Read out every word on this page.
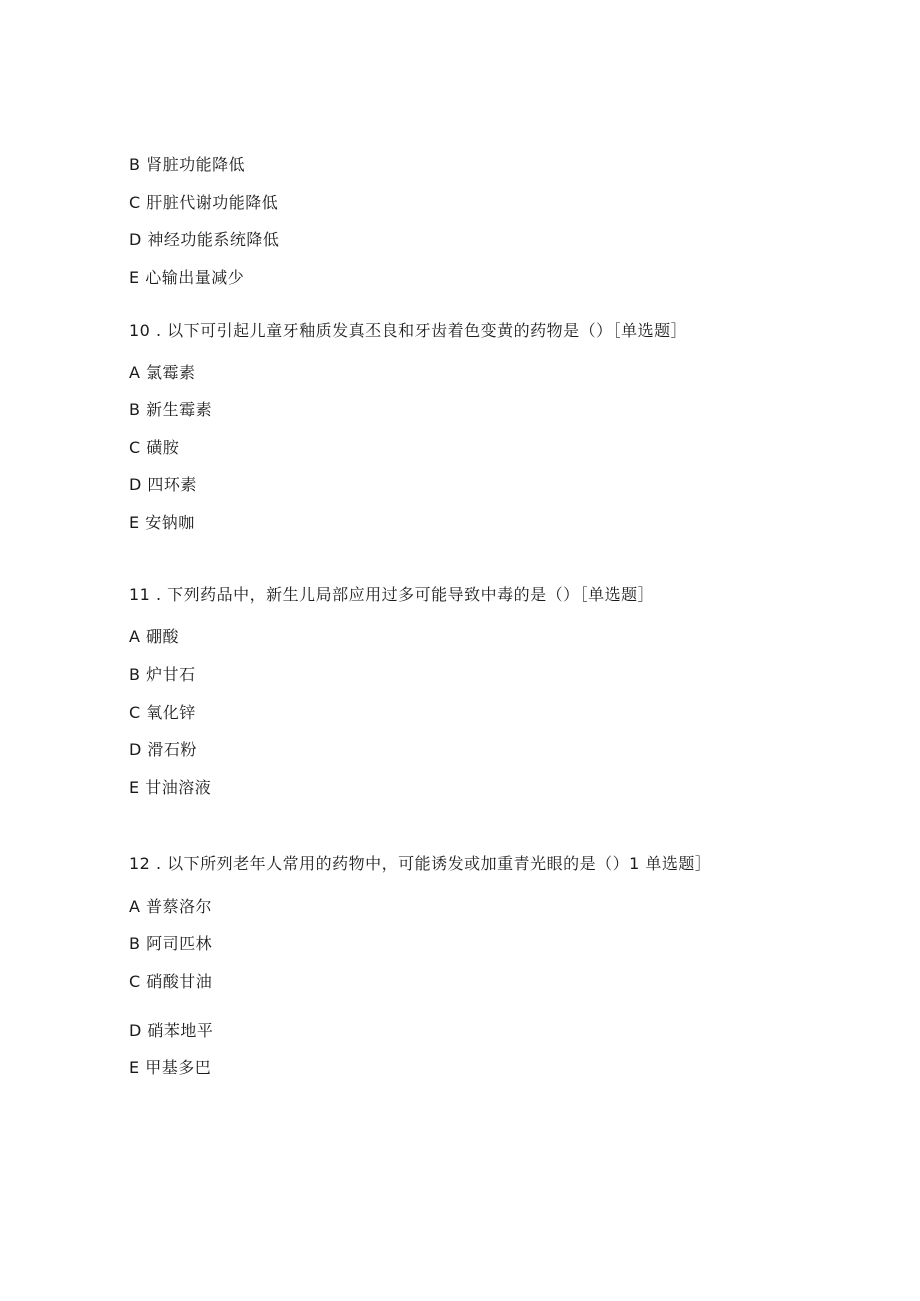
B 肾脏功能降低
C 肝脏代谢功能降低
D 神经功能系统降低
E 心输出量减少
10 . 以下可引起儿童牙釉质发真丕良和牙齿着色变黄的药物是（）［单选题］
A 氯霉素
B 新生霉素
C 磺胺
D 四环素
E 安钠咖
11 . 下列药品中，新生儿局部应用过多可能导致中毒的是（）［单选题］
A 硼酸
B 炉甘石
C 氧化锌
D 滑石粉
E 甘油溶液
12 . 以下所列老年人常用的药物中，可能诱发或加重青光眼的是（）1 单选题］
A 普蔡洛尔
B 阿司匹林
C 硝酸甘油
D 硝苯地平
E 甲基多巴
